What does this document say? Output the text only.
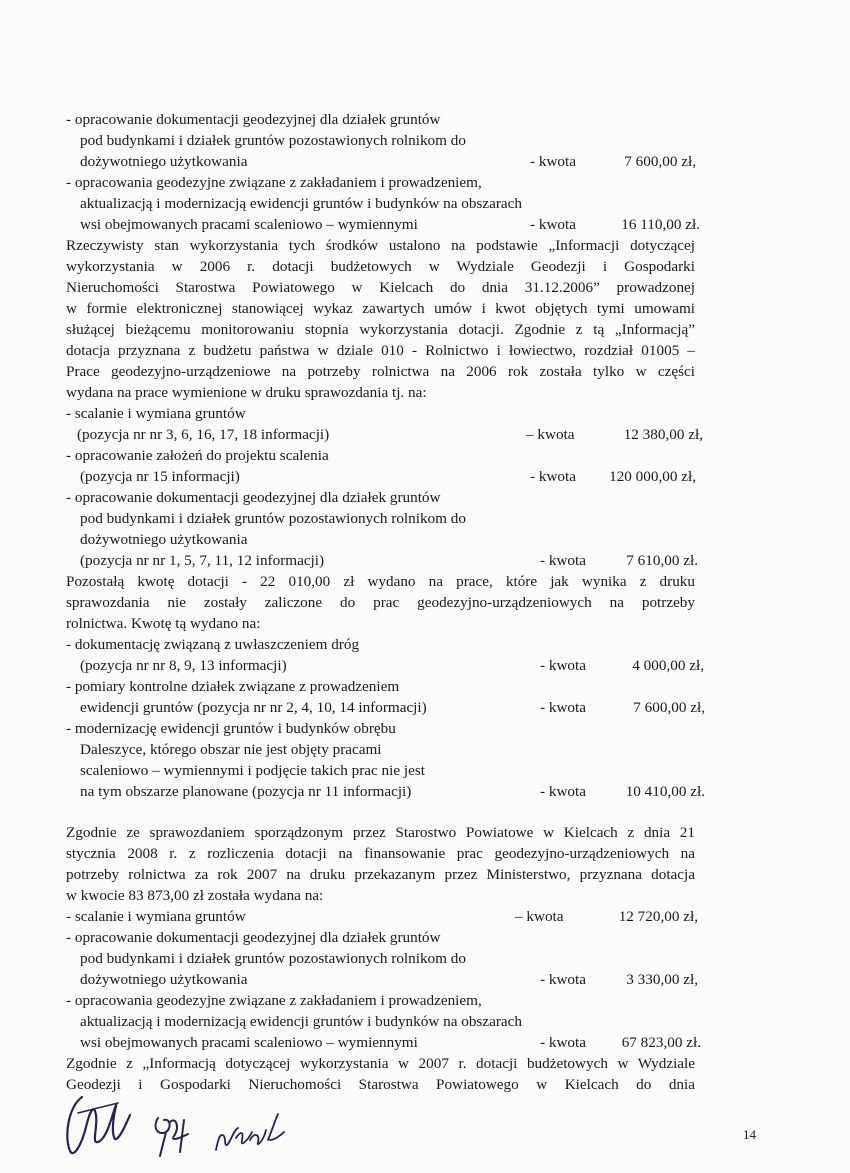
- opracowanie dokumentacji geodezyjnej dla działek gruntów
pod budynkami i działek gruntów pozostawionych rolnikom do
dożywotniego użytkowania	- kwota	7 600,00 zł,
- opracowania geodezyjne związane z zakładaniem i prowadzeniem,
aktualizacją i modernizacją ewidencji gruntów i budynków na obszarach
wsi obejmowanych pracami scaleniowo – wymiennymi	- kwota	16 110,00 zł.
Rzeczywisty stan wykorzystania tych środków ustalono na podstawie „Informacji dotyczącej
wykorzystania w 2006 r. dotacji budżetowych w Wydziale Geodezji i Gospodarki
Nieruchomości Starostwa Powiatowego w Kielcach do dnia 31.12.2006” prowadzonej
w formie elektronicznej stanowiącej wykaz zawartych umów i kwot objętych tymi umowami
służącej bieżącemu monitorowaniu stopnia wykorzystania dotacji. Zgodnie z tą „Informacją”
dotacja przyznana z budżetu państwa w dziale 010 - Rolnictwo i łowiectwo, rozdział 01005 –
Prace geodezyjno-urządzeniowe na potrzeby rolnictwa na 2006 rok została tylko w części
wydana na prace wymienione w druku sprawozdania tj. na:
- scalanie i wymiana gruntów
(pozycja nr nr 3, 6, 16, 17, 18 informacji)	– kwota	12 380,00 zł,
- opracowanie założeń do projektu scalenia
(pozycja nr 15 informacji)	- kwota 120 000,00 zł,
- opracowanie dokumentacji geodezyjnej dla działek gruntów
pod budynkami i działek gruntów pozostawionych rolnikom do
dożywotniego użytkowania
(pozycja nr nr 1, 5, 7, 11, 12 informacji)	- kwota	7 610,00 zł.
Pozostałą kwotę dotacji - 22 010,00 zł wydano na prace, które jak wynika z druku
sprawozdania nie zostały zaliczone do prac geodezyjno-urządzeniowych na potrzeby
rolnictwa. Kwotę tą wydano na:
- dokumentację związaną z uwłaszczeniem dróg
(pozycja nr nr 8, 9, 13 informacji)	- kwota	4 000,00 zł,
- pomiary kontrolne działek związane z prowadzeniem
ewidencji gruntów (pozycja nr nr 2, 4, 10, 14 informacji)	- kwota	7 600,00 zł,
- modernizację ewidencji gruntów i budynków obrębu
Daleszyce, którego obszar nie jest objęty pracami
scaleniowo – wymiennymi i podjęcie takich prac nie jest
na tym obszarze planowane (pozycja nr 11 informacji)	- kwota	10 410,00 zł.
Zgodnie ze sprawozdaniem sporządzonym przez Starostwo Powiatowe w Kielcach z dnia 21
stycznia 2008 r. z rozliczenia dotacji na finansowanie prac geodezyjno-urządzeniowych na
potrzeby rolnictwa za rok 2007 na druku przekazanym przez Ministerstwo, przyznana dotacja
w kwocie 83 873,00 zł została wydana na:
- scalanie i wymiana gruntów	– kwota	12 720,00 zł,
- opracowanie dokumentacji geodezyjnej dla działek gruntów
pod budynkami i działek gruntów pozostawionych rolnikom do
dożywotniego użytkowania	- kwota	3 330,00 zł,
- opracowania geodezyjne związane z zakładaniem i prowadzeniem,
aktualizacją i modernizacją ewidencji gruntów i budynków na obszarach
wsi obejmowanych pracami scaleniowo – wymiennymi	- kwota 67 823,00 zł.
Zgodnie z „Informacją dotyczącej wykorzystania w 2007 r. dotacji budżetowych w Wydziale
Geodezji i Gospodarki Nieruchomości Starostwa Powiatowego w Kielcach do dnia
14
